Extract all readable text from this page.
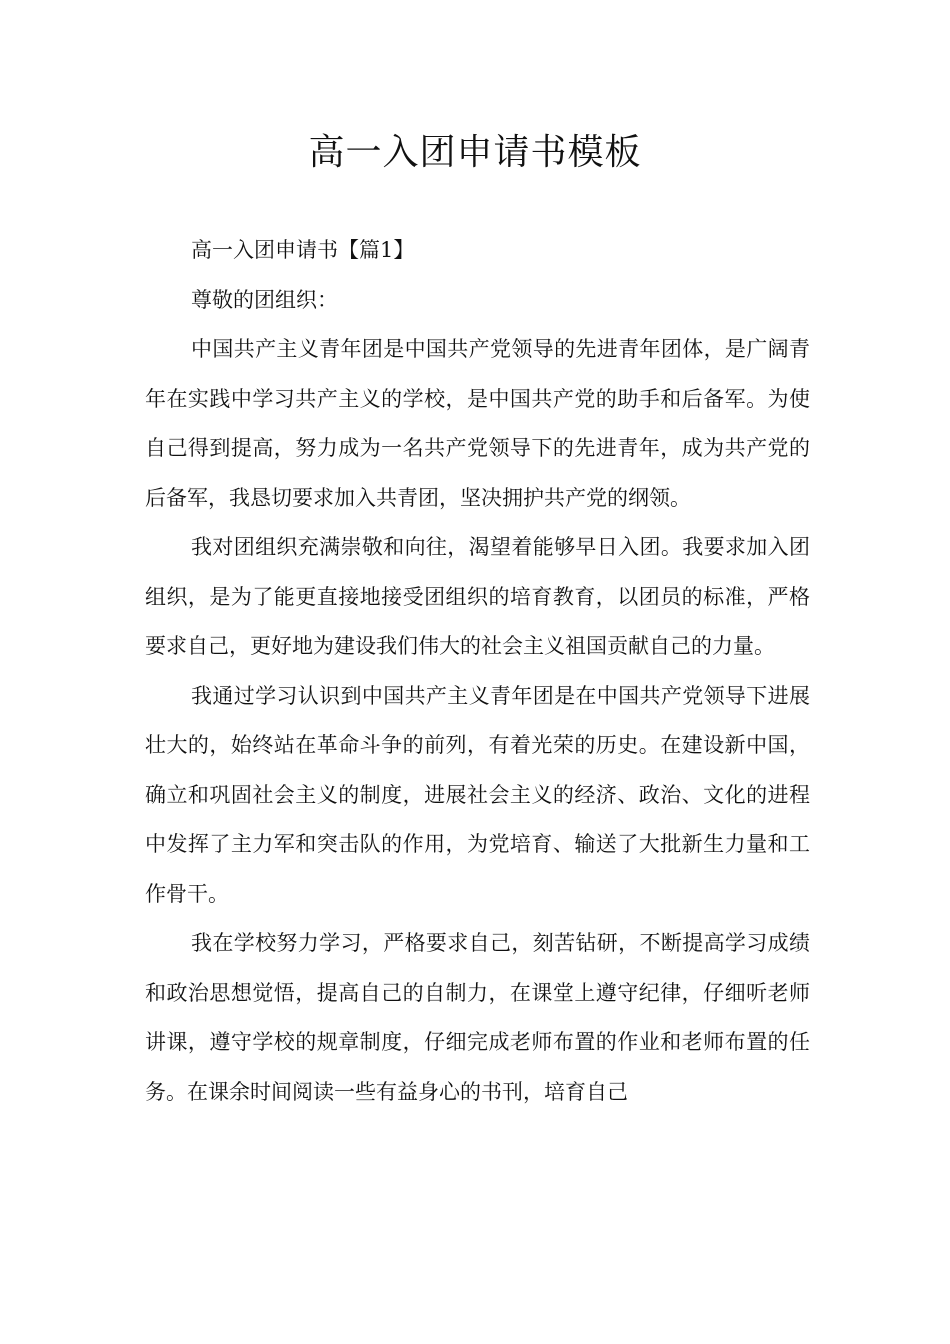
高一入团申请书模板

高一入团申请书【篇1】

尊敬的团组织：

中国共产主义青年团是中国共产党领导的先进青年团体，是广阔青年在实践中学习共产主义的学校，是中国共产党的助手和后备军。为使自己得到提高，努力成为一名共产党领导下的先进青年，成为共产党的后备军，我恳切要求加入共青团，坚决拥护共产党的纲领。

我对团组织充满崇敬和向往，渴望着能够早日入团。我要求加入团组织，是为了能更直接地接受团组织的培育教育，以团员的标准，严格要求自己，更好地为建设我们伟大的社会主义祖国贡献自己的力量。

我通过学习认识到中国共产主义青年团是在中国共产党领导下进展壮大的，始终站在革命斗争的前列，有着光荣的历史。在建设新中国，确立和巩固社会主义的制度，进展社会主义的经济、政治、文化的进程中发挥了主力军和突击队的作用，为党培育、输送了大批新生力量和工作骨干。

我在学校努力学习，严格要求自己，刻苦钻研，不断提高学习成绩和政治思想觉悟，提高自己的自制力，在课堂上遵守纪律，仔细听老师讲课，遵守学校的规章制度，仔细完成老师布置的作业和老师布置的任务。在课余时间阅读一些有益身心的书刊，培育自己
